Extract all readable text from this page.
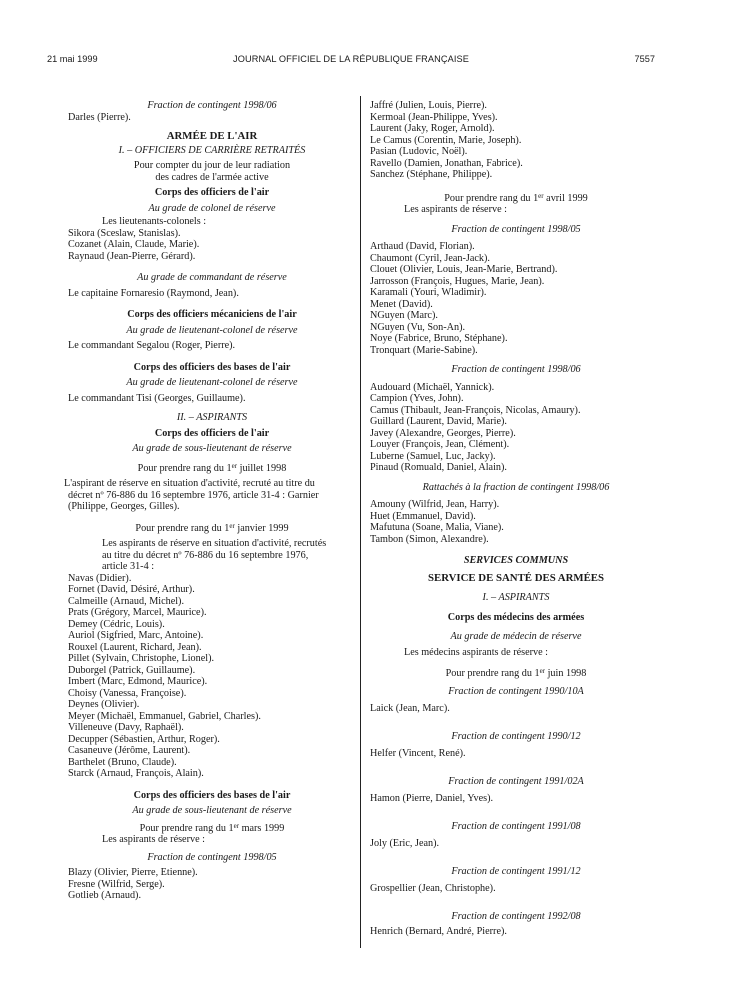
21 mai 1999	JOURNAL OFFICIEL DE LA RÉPUBLIQUE FRANÇAISE	7557
Fraction de contingent 1998/06
Darles (Pierre).
ARMÉE DE L'AIR
I. – OFFICIERS DE CARRIÈRE RETRAITÉS
Pour compter du jour de leur radiation
des cadres de l'armée active
Corps des officiers de l'air
Au grade de colonel de réserve
Les lieutenants-colonels :
Sikora (Sceslaw, Stanislas).
Cozanet (Alain, Claude, Marie).
Raynaud (Jean-Pierre, Gérard).
Au grade de commandant de réserve
Le capitaine Fornaresio (Raymond, Jean).
Corps des officiers mécaniciens de l'air
Au grade de lieutenant-colonel de réserve
Le commandant Segalou (Roger, Pierre).
Corps des officiers des bases de l'air
Au grade de lieutenant-colonel de réserve
Le commandant Tisi (Georges, Guillaume).
II. – ASPIRANTS
Corps des officiers de l'air
Au grade de sous-lieutenant de réserve
Pour prendre rang du 1er juillet 1998
L'aspirant de réserve en situation d'activité, recruté au titre du
décret nº 76-886 du 16 septembre 1976, article 31-4 : Garnier
(Philippe, Georges, Gilles).
Pour prendre rang du 1er janvier 1999
Les aspirants de réserve en situation d'activité, recrutés
au titre du décret nº 76-886 du 16 septembre 1976,
article 31-4 :
Navas (Didier).
Fornet (David, Désiré, Arthur).
Calmeille (Arnaud, Michel).
Prats (Grégory, Marcel, Maurice).
Demey (Cédric, Louis).
Auriol (Sigfried, Marc, Antoine).
Rouxel (Laurent, Richard, Jean).
Pillet (Sylvain, Christophe, Lionel).
Duborgel (Patrick, Guillaume).
Imbert (Marc, Edmond, Maurice).
Choisy (Vanessa, Françoise).
Deynes (Olivier).
Meyer (Michaël, Emmanuel, Gabriel, Charles).
Villeneuve (Davy, Raphaël).
Decupper (Sébastien, Arthur, Roger).
Casaneuve (Jérôme, Laurent).
Barthelet (Bruno, Claude).
Starck (Arnaud, François, Alain).
Corps des officiers des bases de l'air
Au grade de sous-lieutenant de réserve
Pour prendre rang du 1er mars 1999
Les aspirants de réserve :
Fraction de contingent 1998/05
Blazy (Olivier, Pierre, Etienne).
Fresne (Wilfrid, Serge).
Gotlieb (Arnaud).
Jaffré (Julien, Louis, Pierre).
Kermoal (Jean-Philippe, Yves).
Laurent (Jaky, Roger, Arnold).
Le Camus (Corentin, Marie, Joseph).
Pasian (Ludovic, Noël).
Ravello (Damien, Jonathan, Fabrice).
Sanchez (Stéphane, Philippe).
Pour prendre rang du 1er avril 1999
Les aspirants de réserve :
Fraction de contingent 1998/05
Arthaud (David, Florian).
Chaumont (Cyril, Jean-Jack).
Clouet (Olivier, Louis, Jean-Marie, Bertrand).
Jarrosson (François, Hugues, Marie, Jean).
Karamali (Youri, Wladimir).
Menet (David).
NGuyen (Marc).
NGuyen (Vu, Son-An).
Noye (Fabrice, Bruno, Stéphane).
Tronquart (Marie-Sabine).
Fraction de contingent 1998/06
Audouard (Michaël, Yannick).
Campion (Yves, John).
Camus (Thibault, Jean-François, Nicolas, Amaury).
Guillard (Laurent, David, Marie).
Javey (Alexandre, Georges, Pierre).
Louyer (François, Jean, Clément).
Luberne (Samuel, Luc, Jacky).
Pinaud (Romuald, Daniel, Alain).
Rattachés à la fraction de contingent 1998/06
Amouny (Wilfrid, Jean, Harry).
Huet (Emmanuel, David).
Mafutuna (Soane, Malia, Viane).
Tambon (Simon, Alexandre).
SERVICES COMMUNS
SERVICE DE SANTÉ DES ARMÉES
I. – ASPIRANTS
Corps des médecins des armées
Au grade de médecin de réserve
Les médecins aspirants de réserve :
Pour prendre rang du 1er juin 1998
Fraction de contingent 1990/10A
Laick (Jean, Marc).
Fraction de contingent 1990/12
Helfer (Vincent, René).
Fraction de contingent 1991/02A
Hamon (Pierre, Daniel, Yves).
Fraction de contingent 1991/08
Joly (Eric, Jean).
Fraction de contingent 1991/12
Grospellier (Jean, Christophe).
Fraction de contingent 1992/08
Henrich (Bernard, André, Pierre).
